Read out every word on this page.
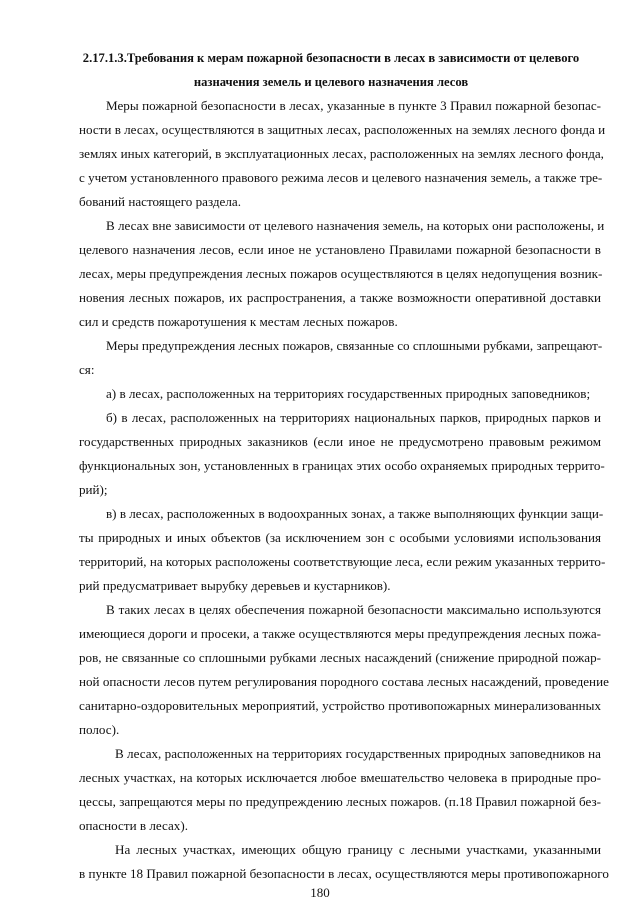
2.17.1.3.Требования к мерам пожарной безопасности в лесах в зависимости от целевого
назначения земель и целевого назначения лесов
Меры пожарной безопасности в лесах, указанные в пункте 3 Правил пожарной безопас-
ности в лесах, осуществляются в защитных лесах, расположенных на землях лесного фонда и
землях иных категорий, в эксплуатационных лесах, расположенных на землях лесного фонда,
с учетом установленного правового режима лесов и целевого назначения земель, а также тре-
бований настоящего раздела.
В лесах вне зависимости от целевого назначения земель, на которых они расположены, и
целевого назначения лесов, если иное не установлено Правилами пожарной безопасности в
лесах, меры предупреждения лесных пожаров осуществляются в целях недопущения возник-
новения лесных пожаров, их распространения, а также возможности оперативной доставки
сил и средств пожаротушения к местам лесных пожаров.
Меры предупреждения лесных пожаров, связанные со сплошными рубками, запрещают-
ся:
а) в лесах, расположенных на территориях государственных природных заповедников;
б) в лесах, расположенных на территориях национальных парков, природных парков и
государственных природных заказников (если иное не предусмотрено правовым режимом
функциональных зон, установленных в границах этих особо охраняемых природных террито-
рий);
в) в лесах, расположенных в водоохранных зонах, а также выполняющих функции защи-
ты природных и иных объектов (за исключением зон с особыми условиями использования
территорий, на которых расположены соответствующие леса, если режим указанных террито-
рий предусматривает вырубку деревьев и кустарников).
В таких лесах в целях обеспечения пожарной безопасности максимально используются
имеющиеся дороги и просеки, а также осуществляются меры предупреждения лесных пожа-
ров, не связанные со сплошными рубками лесных насаждений (снижение природной пожар-
ной опасности лесов путем регулирования породного состава лесных насаждений, проведение
санитарно-оздоровительных мероприятий, устройство противопожарных минерализованных
полос).
В лесах, расположенных на территориях государственных природных заповедников на
лесных участках, на которых исключается любое вмешательство человека в природные про-
цессы, запрещаются меры по предупреждению лесных пожаров. (п.18 Правил пожарной без-
опасности в лесах).
На лесных участках, имеющих общую границу с лесными участками, указанными
в пункте 18 Правил пожарной безопасности в лесах, осуществляются меры противопожарного
180
